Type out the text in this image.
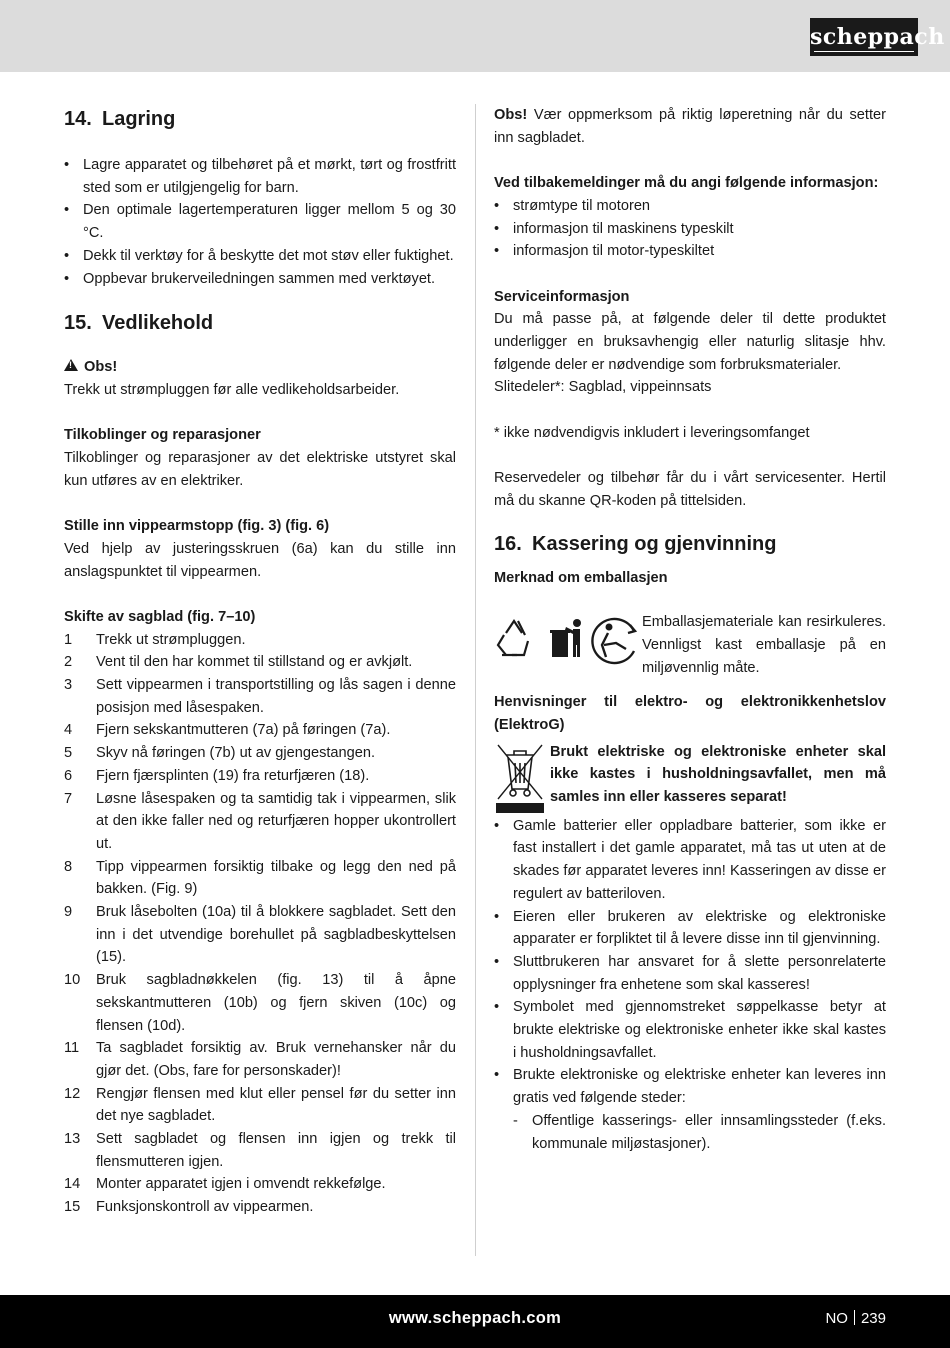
scheppach
14. Lagring
• Lagre apparatet og tilbehøret på et mørkt, tørt og frostfritt sted som er utilgjengelig for barn.
• Den optimale lagertemperaturen ligger mellom 5 og 30 °C.
• Dekk til verktøy for å beskytte det mot støv eller fuktighet.
• Oppbevar brukerveiledningen sammen med verktøyet.
15. Vedlikehold

!Obs!

Trekk ut strømpluggen før alle vedlikeholdsarbeider.

Tilkoblinger og reparasjoner

Tilkoblinger og reparasjoner av det elektriske utstyret skal kun utføres av en elektriker.

Stille inn vippearmstopp (fig. 3) (fig. 6)

Ved hjelp av justeringsskruen (6a) kan du stille inn anslagspunktet til vippearmen.

Skifte av sagblad (fig. 7–10)

1	Trekk ut strømpluggen.
2	Vent til den har kommet til stillstand og er avkjølt.
3	Sett vippearmen i transportstilling og lås sagen i denne posisjon med låsespaken.
4	Fjern sekskantmutteren (7a) på føringen (7a).
5	Skyv nå føringen (7b) ut av gjengestangen.
6	Fjern fjærsplinten (19) fra returfjæren (18).
7	Løsne låsespaken og ta samtidig tak i vippearmen, slik at den ikke faller ned og returfjæren hopper ukontrollert ut.
8	Tipp vippearmen forsiktig tilbake og legg den ned på bakken. (Fig. 9)
9	Bruk låsebolten (10a) til å blokkere sagbladet. Sett den inn i det utvendige borehullet på sagbladbeskyttelsen (15).
10	Bruk sagbladnøkkelen (fig. 13) til å åpne sekskantmutteren (10b) og fjern skiven (10c) og flensen (10d).
11	Ta sagbladet forsiktig av. Bruk vernehansker når du gjør det. (Obs, fare for personskader)!
12	Rengjør flensen med klut eller pensel før du setter inn det nye sagbladet.
13	Sett sagbladet og flensen inn igjen og trekk til flensmutteren igjen.
14	Monter apparatet igjen i omvendt rekkefølge.
15	Funksjonskontroll av vippearmen.

Obs! Vær oppmerksom på riktig løperetning når du setter inn sagbladet.

Ved tilbakemeldinger må du angi følgende informasjon:

• strømtype til motoren
• informasjon til maskinens typeskilt
• informasjon til motor-typeskiltet

Serviceinformasjon

Du må passe på, at følgende deler til dette produktet underligger en bruksavhengig eller naturlig slitasje hhv. følgende deler er nødvendige som forbruksmaterialer.

Slitedeler*: Sagblad, vippeinnsats

* ikke nødvendigvis inkludert i leveringsomfanget

Reservedeler og tilbehør får du i vårt servicesenter. Hertil må du skanne QR-koden på tittelsiden.

16. Kassering og gjenvinning

Merknad om emballasjen

Emballasjemateriale kan resirkuleres. Vennligst kast emballasje på en miljøvennlig måte.

Henvisninger til elektro- og elektronikkenhetslov (ElektroG)

Brukt elektriske og elektroniske enheter skal ikke kastes i husholdningsavfallet, men må samles inn eller kasseres separat!
• Gamle batterier eller oppladbare batterier, som ikke er fast installert i det gamle apparatet, må tas ut uten at de skades før apparatet leveres inn! Kasseringen av disse er regulert av batteriloven.
• Eieren eller brukeren av elektriske og elektroniske apparater er forpliktet til å levere disse inn til gjenvinning.
• Sluttbrukeren har ansvaret for å slette personrelaterte opplysninger fra enhetene som skal kasseres!
• Symbolet med gjennomstreket søppelkasse betyr at brukte elektriske og elektroniske enheter ikke skal kastes i husholdningsavfallet.
• Brukte elektroniske og elektriske enheter kan leveres inn gratis ved følgende steder:
- Offentlige kasserings- eller innsamlingssteder (f.eks. kommunale miljøstasjoner).
www.scheppach.com	NO 239
